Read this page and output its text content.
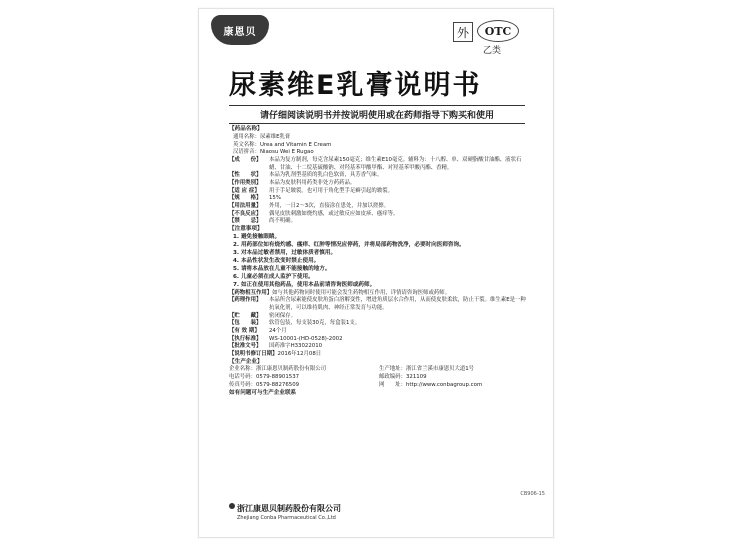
康恩贝	外	OTC
乙类
尿素维E乳膏说明书
请仔细阅读说明书并按说明使用或在药师指导下购买和使用
【药品名称】
通用名称：尿素维E乳膏
英文名称：Urea and Vitamin E Cream
汉语拼音：Niaosu Wei E Rugao
【成　　份】	本品为复方制剂，每克含尿素150毫克；维生素E10毫克。辅料为：十八醇、单、双硬脂酸甘油酯、液状石蜡、甘油、十二烷基硫酸钠、对羟基苯甲酸甲酯、对羟基苯甲酸丙酯、香精。
【性　　状】	本品为乳剂型基质的乳白色软膏，具芳香气味。
【作用类别】	本品为皮肤科用药类非处方药药品。
【适 应 症】	用于手足皲裂。也可用于角化型手足癣引起的皲裂。
【规　　格】	15%
【用法用量】	外用，一日2～3次，直接涂在患处，并加以搓擦。
【不良反应】	偶见皮肤刺激如烧灼感，或过敏反应如皮疹、瘙痒等。
【禁　　忌】	尚不明确。
【注意事项】
1. 避免接触眼睛。
2. 用药部位如有烧灼感、瘙痒、红肿等情况应停药，并将局部药物洗净，必要时向医师咨询。
3. 对本品过敏者禁用，过敏体质者慎用。
4. 本品性状发生改变时禁止使用。
5. 请将本品放在儿童不能接触的地方。
6. 儿童必须在成人监护下使用。
7. 如正在使用其他药品，使用本品前请咨询医师或药师。
【药物相互作用】 如与其他药物同时使用可能会发生药物相互作用，详情请咨询医师或药师。
【药理作用】	本品所含尿素能使皮肤角蛋白溶解变性，增进角质层水合作用，从而使皮肤柔软，防止干裂。维生素E是一种抗氧化剂，可以维持肌肉、神经正常发育与功能。
【贮　　藏】	密闭保存。
【包　　装】	软管包装，每支装30克，每盒装1支。
【有 效 期】	24个月
【执行标准】	WS-10001-(HD-0528)-2002
【批准文号】	国药准字H33022010
【说明书修订日期】 2016年12月08日
【生产企业】
企业名称：浙江康恩贝制药股份有限公司	生产地址：浙江省兰溪市康恩贝大道1号
电话号码：0579-88901537	邮政编码：321109
传真号码：0579-88276509	网　　址：http://www.conbagroup.com
如有问题可与生产企业联系
CB906-15
浙江康恩贝制药股份有限公司
Zhejiang Conba Pharmaceutical Co.,Ltd
